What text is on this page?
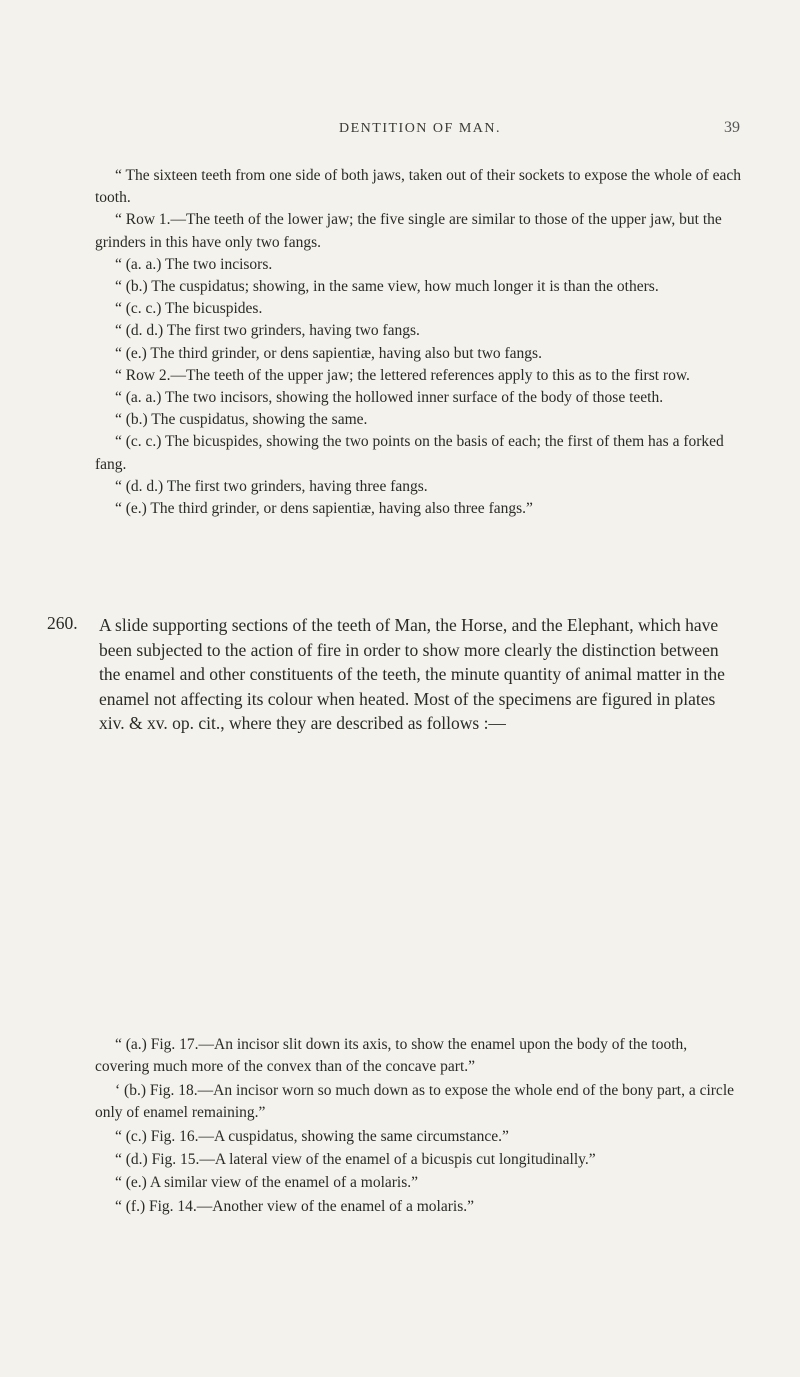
DENTITION OF MAN.	39

“ The sixteen teeth from one side of both jaws, taken out of their sockets to expose the whole of each tooth.

“ Row 1.—The teeth of the lower jaw; the five single are similar to those of the upper jaw, but the grinders in this have only two fangs.

“ (a. a.) The two incisors.

“ (b.) The cuspidatus; showing, in the same view, how much longer it is than the others.

“ (c. c.) The bicuspides.

“ (d. d.) The first two grinders, having two fangs.

“ (e.) The third grinder, or dens sapientiæ, having also but two fangs.

“ Row 2.—The teeth of the upper jaw; the lettered references apply to this as to the first row.

“ (a. a.) The two incisors, showing the hollowed inner surface of the body of those teeth.

“ (b.) The cuspidatus, showing the same.

“ (c. c.) The bicuspides, showing the two points on the basis of each; the first of them has a forked fang.

“ (d. d.) The first two grinders, having three fangs.

“ (e.) The third grinder, or dens sapientiæ, having also three fangs.”

260. A slide supporting sections of the teeth of Man, the Horse, and the Elephant, which have been subjected to the action of fire in order to show more clearly the distinction between the enamel and other constituents of the teeth, the minute quantity of animal matter in the enamel not affecting its colour when heated. Most of the specimens are figured in plates xiv. & xv. op. cit., where they are described as follows :—

“ (a.) Fig. 17.—An incisor slit down its axis, to show the enamel upon the body of the tooth, covering much more of the convex than of the concave part.”

‘ (b.) Fig. 18.—An incisor worn so much down as to expose the whole end of the bony part, a circle only of enamel remaining.”

“ (c.) Fig. 16.—A cuspidatus, showing the same circumstance.”

“ (d.) Fig. 15.—A lateral view of the enamel of a bicuspis cut longitudinally.”

“ (e.) A similar view of the enamel of a molaris.”

“ (f.) Fig. 14.—Another view of the enamel of a molaris.”
